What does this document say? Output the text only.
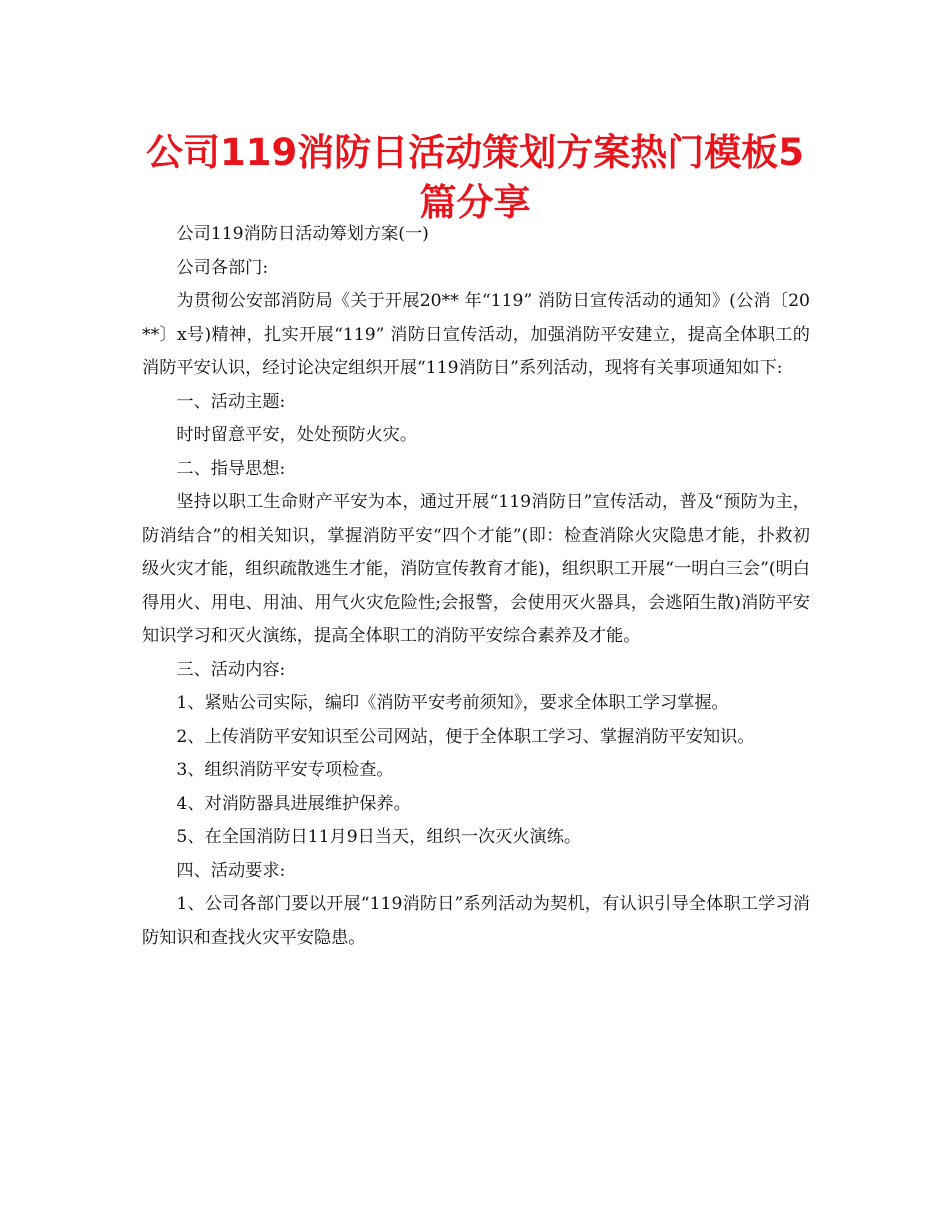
公司119消防日活动策划方案热门模板5篇分享

公司119消防日活动筹划方案(一)

公司各部门:

为贯彻公安部消防局《关于开展20** 年“119” 消防日宣传活动的通知》(公消〔20**〕x号)精神，扎实开展“119” 消防日宣传活动，加强消防平安建立，提高全体职工的消防平安认识，经讨论决定组织开展“119消防日”系列活动，现将有关事项通知如下:

一、活动主题:

时时留意平安，处处预防火灾。

二、指导思想:

坚持以职工生命财产平安为本，通过开展“119消防日”宣传活动，普及“预防为主，防消结合”的相关知识，掌握消防平安“四个才能”(即：检查消除火灾隐患才能，扑救初级火灾才能，组织疏散逃生才能，消防宣传教育才能)，组织职工开展“一明白三会”(明白得用火、用电、用油、用气火灾危险性;会报警，会使用灭火器具，会逃陌生散)消防平安知识学习和灭火演练，提高全体职工的消防平安综合素养及才能。

三、活动内容:

1、紧贴公司实际，编印《消防平安考前须知》，要求全体职工学习掌握。

2、上传消防平安知识至公司网站，便于全体职工学习、掌握消防平安知识。

3、组织消防平安专项检查。

4、对消防器具进展维护保养。

5、在全国消防日11月9日当天，组织一次灭火演练。

四、活动要求:

1、公司各部门要以开展“119消防日”系列活动为契机，有认识引导全体职工学习消防知识和查找火灾平安隐患。
